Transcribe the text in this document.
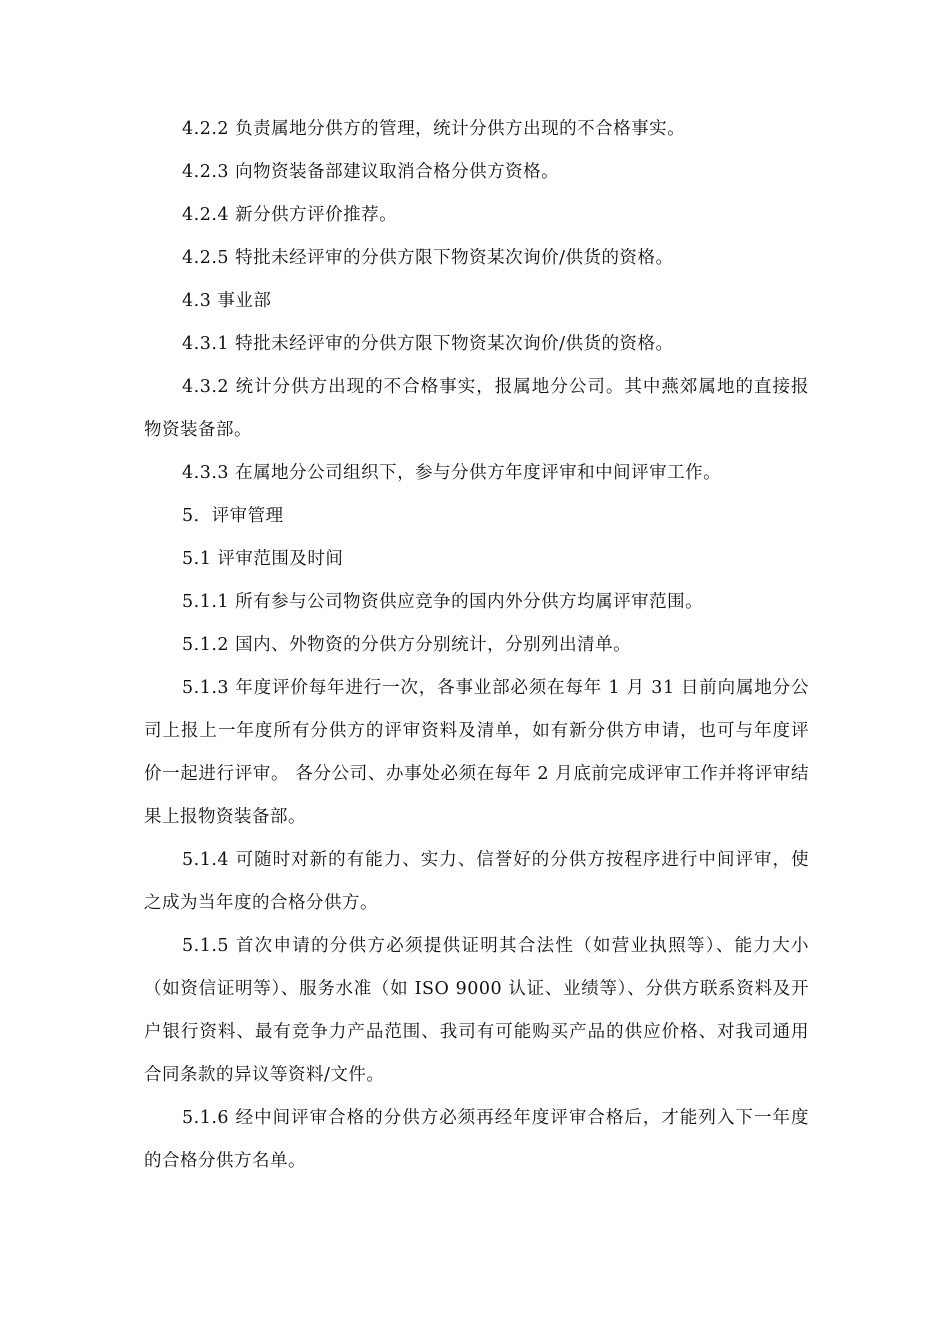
4.2.2 负责属地分供方的管理，统计分供方出现的不合格事实。

4.2.3 向物资装备部建议取消合格分供方资格。

4.2.4 新分供方评价推荐。

4.2.5 特批未经评审的分供方限下物资某次询价/供货的资格。

4.3 事业部

4.3.1 特批未经评审的分供方限下物资某次询价/供货的资格。

4.3.2 统计分供方出现的不合格事实，报属地分公司。其中燕郊属地的直接报物资装备部。

4.3.3 在属地分公司组织下，参与分供方年度评审和中间评审工作。

5．评审管理

5.1 评审范围及时间

5.1.1 所有参与公司物资供应竞争的国内外分供方均属评审范围。

5.1.2 国内、外物资的分供方分别统计，分别列出清单。

5.1.3 年度评价每年进行一次，各事业部必须在每年 1 月 31 日前向属地分公司上报上一年度所有分供方的评审资料及清单，如有新分供方申请，也可与年度评价一起进行评审。 各分公司、办事处必须在每年 2 月底前完成评审工作并将评审结果上报物资装备部。

5.1.4 可随时对新的有能力、实力、信誉好的分供方按程序进行中间评审，使之成为当年度的合格分供方。

5.1.5 首次申请的分供方必须提供证明其合法性（如营业执照等）、能力大小（如资信证明等）、服务水准（如 ISO 9000 认证、业绩等）、分供方联系资料及开户银行资料、最有竞争力产品范围、我司有可能购买产品的供应价格、对我司通用合同条款的异议等资料/文件。

5.1.6 经中间评审合格的分供方必须再经年度评审合格后，才能列入下一年度的合格分供方名单。
